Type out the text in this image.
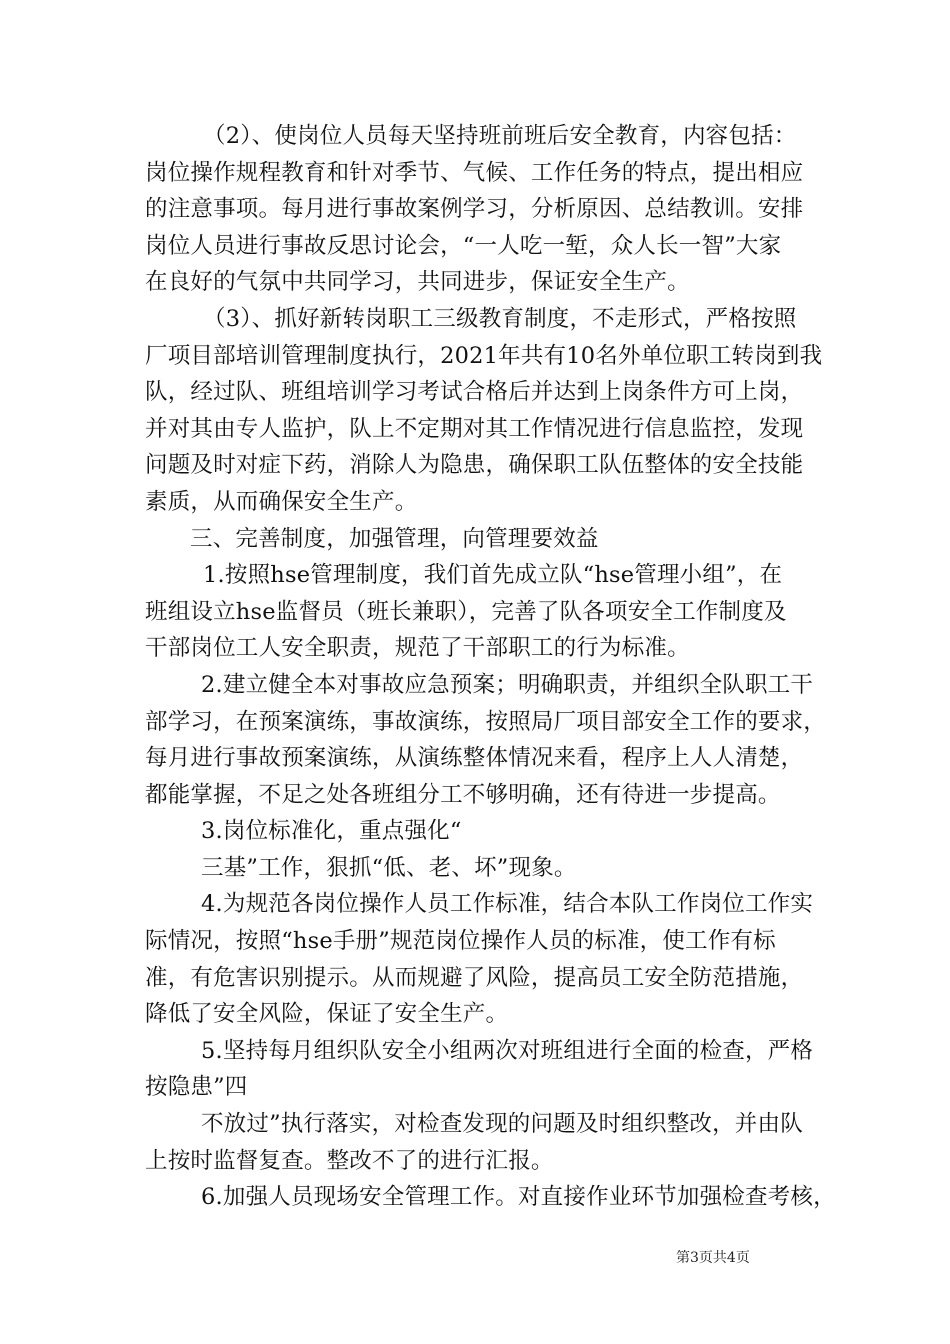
（2）、使岗位人员每天坚持班前班后安全教育，内容包括：
岗位操作规程教育和针对季节、气候、工作任务的特点，提出相应
的注意事项。每月进行事故案例学习，分析原因、总结教训。安排
岗位人员进行事故反思讨论会，“一人吃一堑，众人长一智”大家
在良好的气氛中共同学习，共同进步，保证安全生产。
（3）、抓好新转岗职工三级教育制度，不走形式，严格按照
厂项目部培训管理制度执行，2021年共有10名外单位职工转岗到我
队，经过队、班组培训学习考试合格后并达到上岗条件方可上岗，
并对其由专人监护，队上不定期对其工作情况进行信息监控，发现
问题及时对症下药，消除人为隐患，确保职工队伍整体的安全技能
素质，从而确保安全生产。
三、完善制度，加强管理，向管理要效益
1.按照hse管理制度，我们首先成立队“hse管理小组”，在
班组设立hse监督员（班长兼职），完善了队各项安全工作制度及
干部岗位工人安全职责，规范了干部职工的行为标准。
2.建立健全本对事故应急预案；明确职责，并组织全队职工干
部学习，在预案演练，事故演练，按照局厂项目部安全工作的要求，
每月进行事故预案演练，从演练整体情况来看，程序上人人清楚，
都能掌握，不足之处各班组分工不够明确，还有待进一步提高。
3.岗位标准化，重点强化“
三基”工作，狠抓“低、老、坏”现象。
4.为规范各岗位操作人员工作标准，结合本队工作岗位工作实
际情况，按照“hse手册”规范岗位操作人员的标准，使工作有标
准，有危害识别提示。从而规避了风险，提高员工安全防范措施，
降低了安全风险，保证了安全生产。
5.坚持每月组织队安全小组两次对班组进行全面的检查，严格
按隐患”四
不放过”执行落实，对检查发现的问题及时组织整改，并由队
上按时监督复查。整改不了的进行汇报。
6.加强人员现场安全管理工作。对直接作业环节加强检查考核，
第3页共4页
